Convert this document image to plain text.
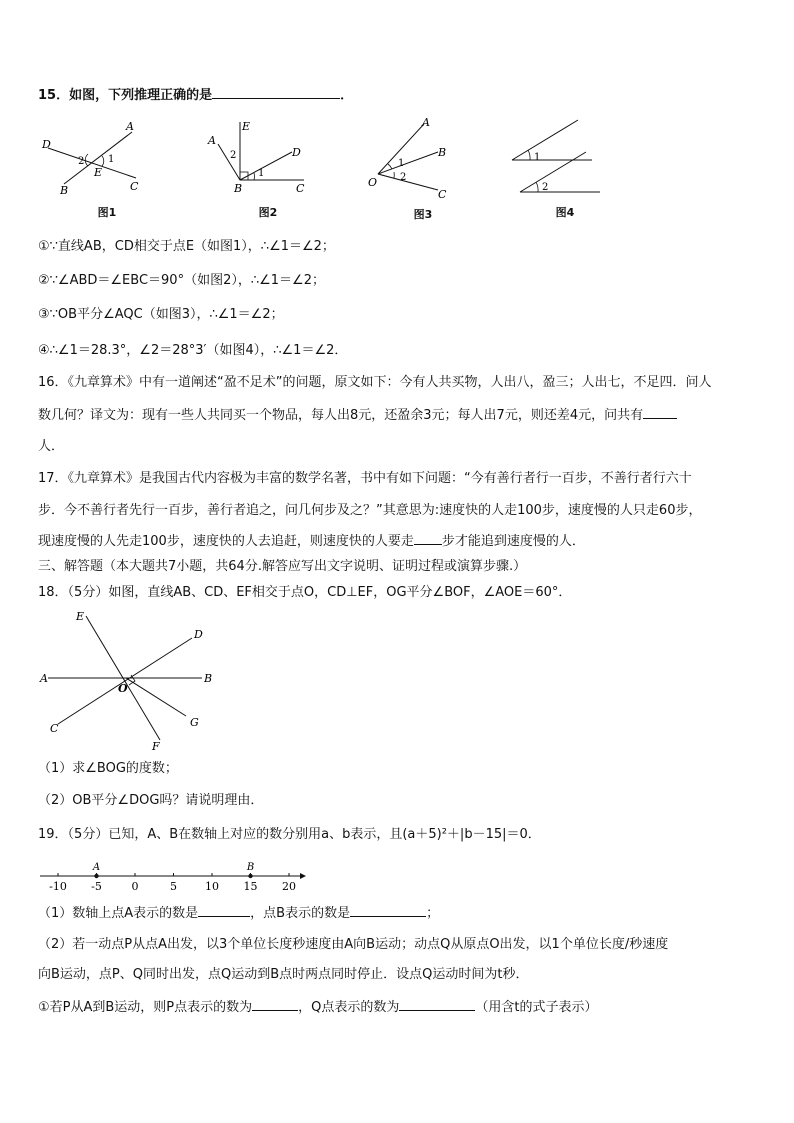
15．如图，下列推理正确的是	．
A
D
B	C
E
2 1
图1
E
A
D
B	C
2
1
图2
A
B
C
O
1
2
图3
1
2
图4
①∵直线AB，CD相交于点E（如图1），∴∠1＝∠2；
②∵∠ABD＝∠EBC＝90°（如图2），∴∠1＝∠2；
③∵OB平分∠AQC（如图3），∴∠1＝∠2；
④∴∠1＝28.3°，∠2＝28°3′（如图4），∴∠1＝∠2．
16．《九章算术》中有一道阐述“盈不足术”的问题，原文如下：今有人共买物，人出八，盈三；人出七，不足四．问人
数几何？译文为：现有一些人共同买一个物品，每人出8元，还盈余3元；每人出7元，则还差4元，问共有
人．
17．《九章算术》是我国古代内容极为丰富的数学名著，书中有如下问题：“今有善行者行一百步，不善行者行六十
步．今不善行者先行一百步，善行者追之，问几何步及之？”其意思为:速度快的人走100步，速度慢的人只走60步，
现速度慢的人先走100步，速度快的人去追赶，则速度快的人要走 步才能追到速度慢的人．
三、解答题（本大题共7小题，共64分.解答应写出文字说明、证明过程或演算步骤.）
18．（5分）如图，直线AB、CD、EF相交于点O，CD⊥EF，OG平分∠BOF，∠AOE＝60°．
A	B
C
D
E
F
G
O
（1）求∠BOG的度数；
（2）OB平分∠DOG吗？请说明理由．
19．（5分）已知，A、B在数轴上对应的数分别用a、b表示，且(a＋5)²＋|b－15|＝0．
-10 -5	0	5	10 15 20
A	B
（1）数轴上点A表示的数是	，点B表示的数是	；
（2）若一动点P从点A出发，以3个单位长度秒速度由A向B运动；动点Q从原点O出发，以1个单位长度/秒速度
向B运动，点P、Q同时出发，点Q运动到B点时两点同时停止．设点Q运动时间为t秒．
①若P从A到B运动，则P点表示的数为	，Q点表示的数为	（用含t的式子表示）
